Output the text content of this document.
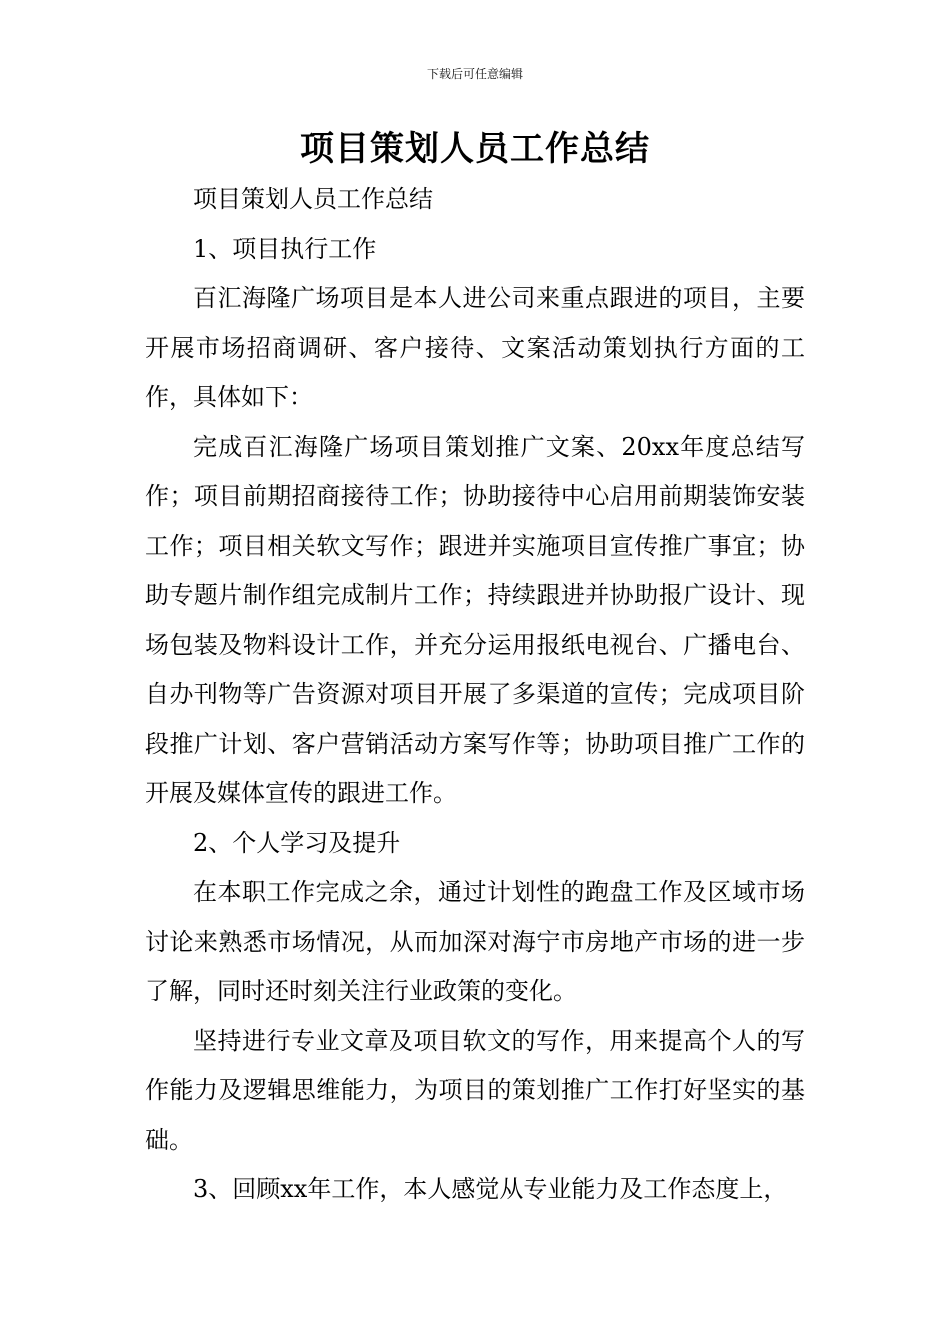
下载后可任意编辑
项目策划人员工作总结

项目策划人员工作总结

1、项目执行工作

百汇海隆广场项目是本人进公司来重点跟进的项目，主要开展市场招商调研、客户接待、文案活动策划执行方面的工作，具体如下：

完成百汇海隆广场项目策划推广文案、20xx年度总结写作；项目前期招商接待工作；协助接待中心启用前期装饰安装工作；项目相关软文写作；跟进并实施项目宣传推广事宜；协助专题片制作组完成制片工作；持续跟进并协助报广设计、现场包装及物料设计工作，并充分运用报纸电视台、广播电台、自办刊物等广告资源对项目开展了多渠道的宣传；完成项目阶段推广计划、客户营销活动方案写作等；协助项目推广工作的开展及媒体宣传的跟进工作。

2、个人学习及提升

在本职工作完成之余，通过计划性的跑盘工作及区域市场讨论来熟悉市场情况，从而加深对海宁市房地产市场的进一步了解，同时还时刻关注行业政策的变化。

坚持进行专业文章及项目软文的写作，用来提高个人的写作能力及逻辑思维能力，为项目的策划推广工作打好坚实的基础。

3、回顾xx年工作，本人感觉从专业能力及工作态度上，
